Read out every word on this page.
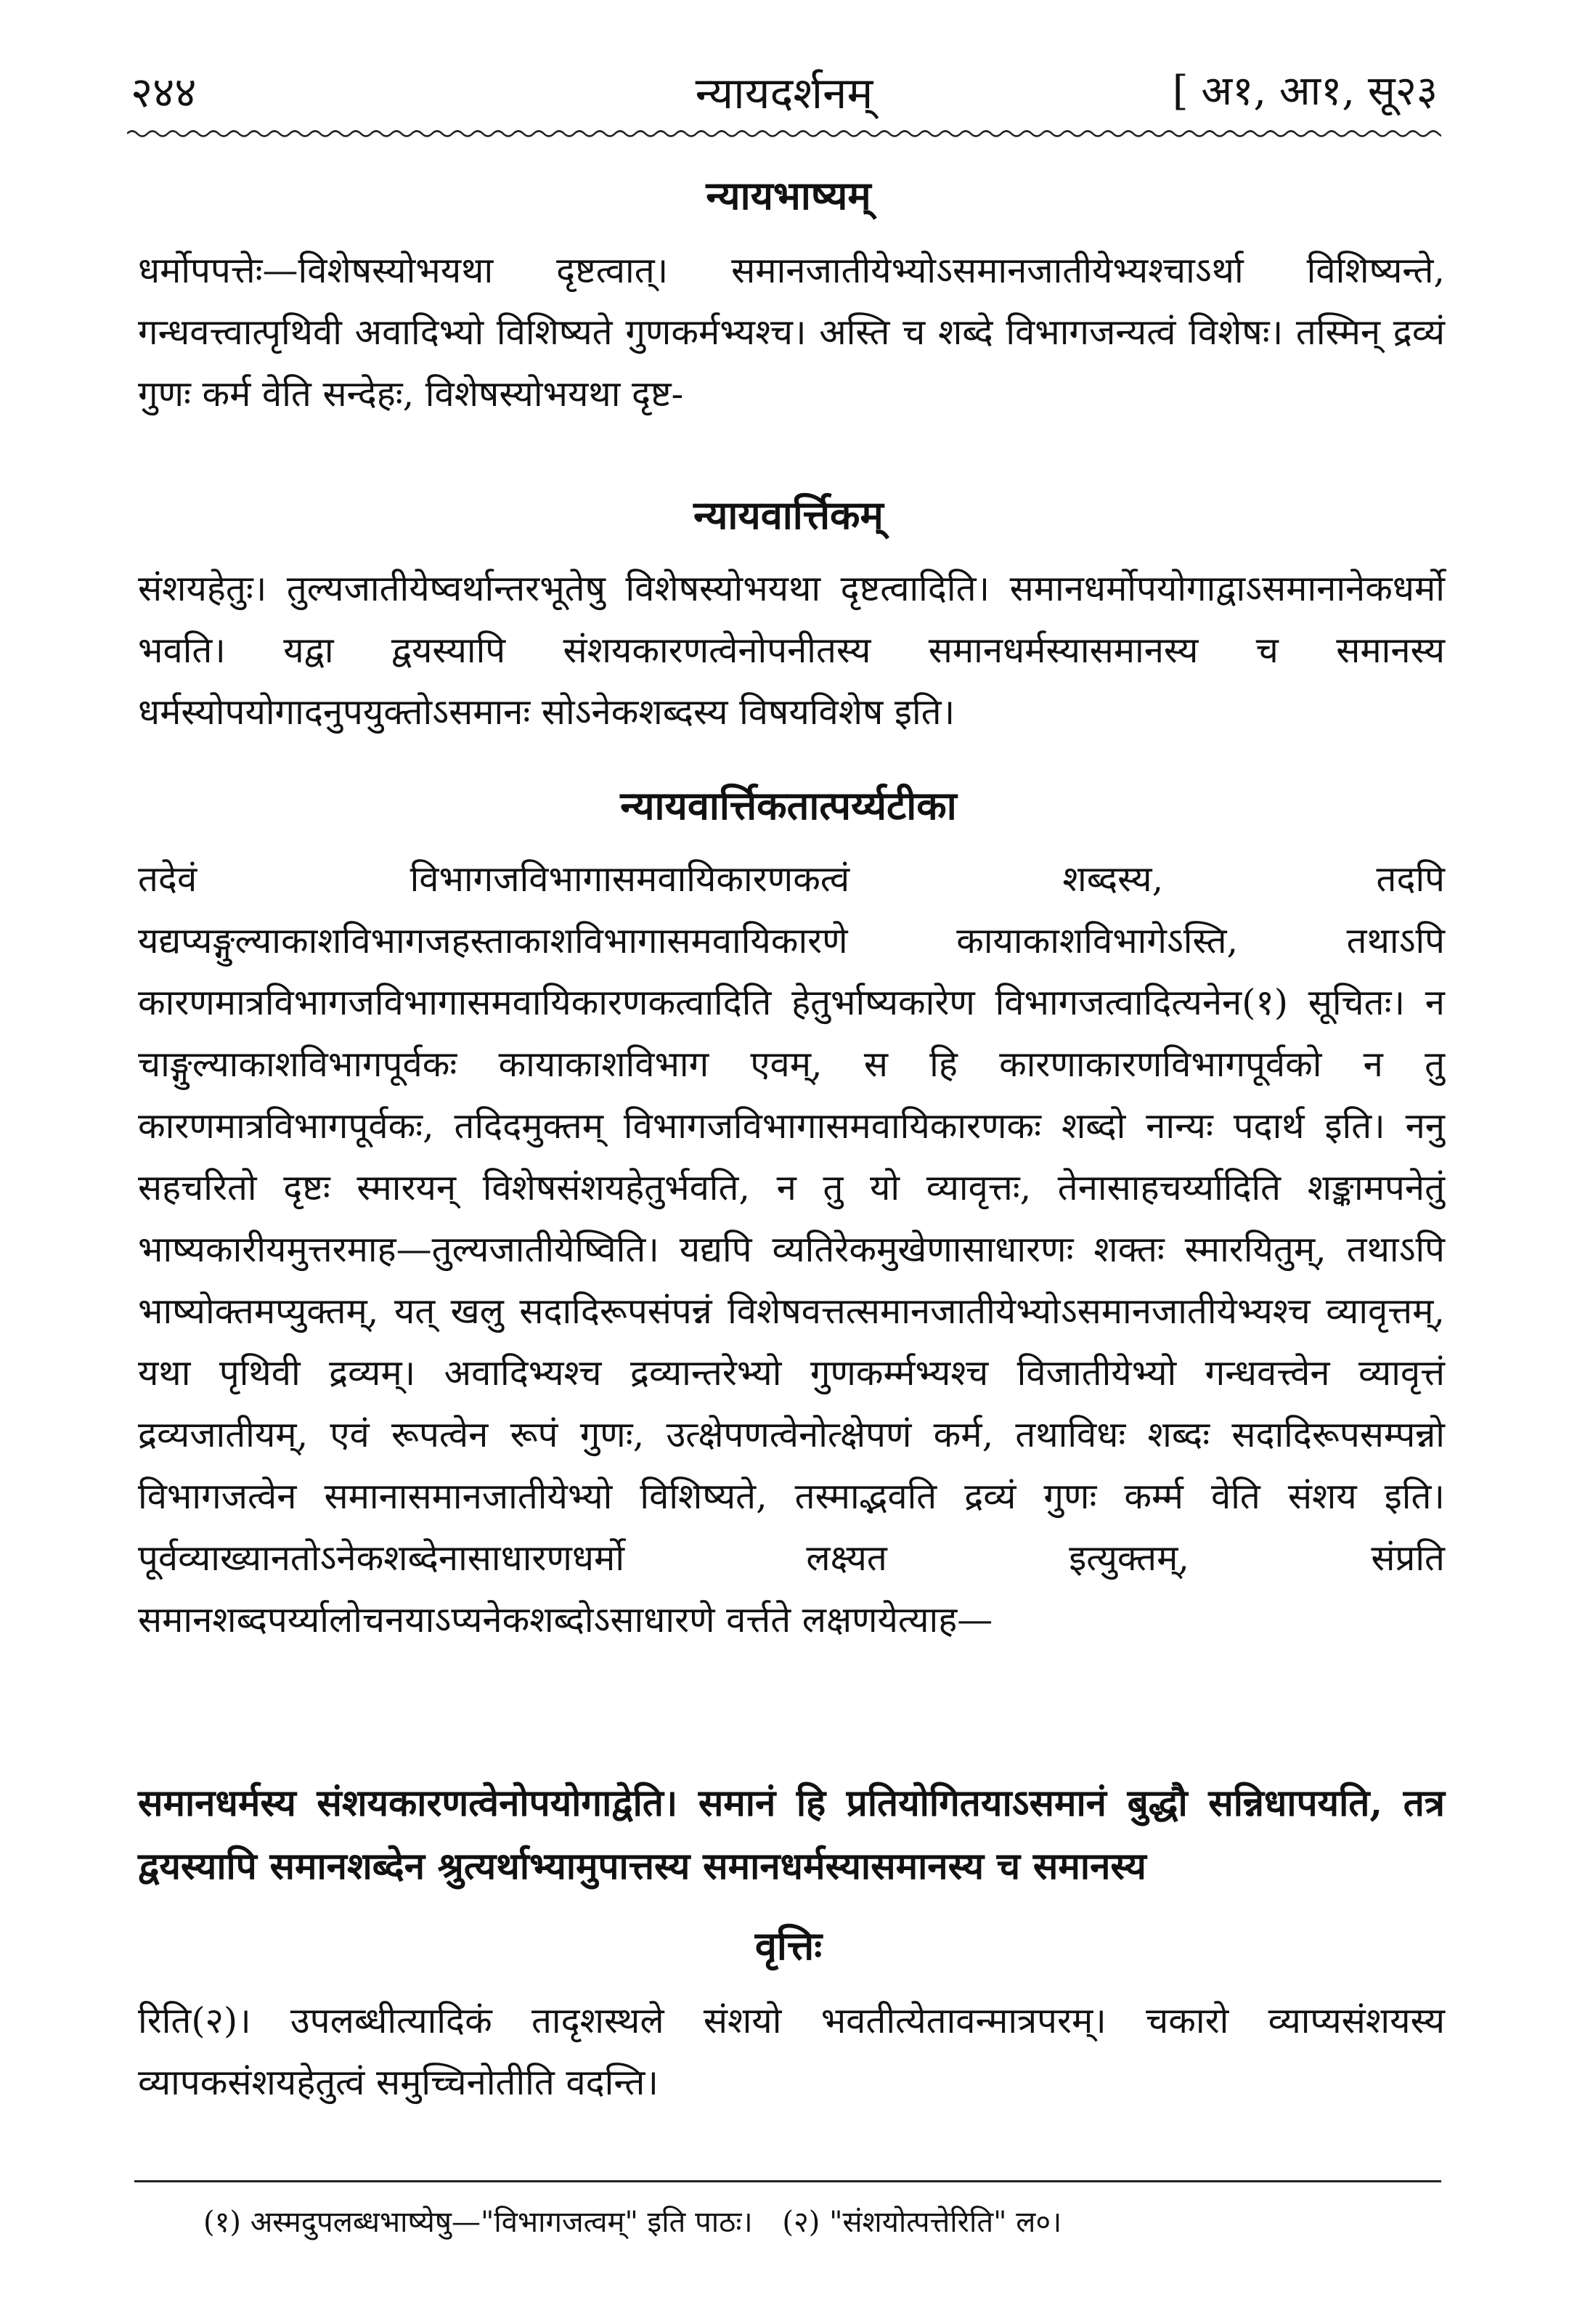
न्यायदर्शनम्
२४४	[ अ१, आ१, सू२३
न्यायभाष्यम्
धर्मोपपत्तेः—विशेषस्योभयथा दृष्टत्वात्। समानजातीयेभ्योऽसमानजातीयेभ्यश्चाऽर्था विशिष्यन्ते, गन्धवत्त्वात्पृथिवी अवादिभ्यो विशिष्यते गुणकर्मभ्यश्च। अस्ति च शब्दे विभागजन्यत्वं विशेषः। तस्मिन् द्रव्यं गुणः कर्म वेति सन्देहः, विशेषस्योभयथा दृष्ट-
न्यायवार्त्तिकम्
संशयहेतुः। तुल्यजातीयेष्वर्थान्तरभूतेषु विशेषस्योभयथा दृष्टत्वादिति। समानधर्मोपयोगाद्वाऽसमानानेकधर्मो भवति। यद्वा द्वयस्यापि संशयकारणत्वेनोपनीतस्य समानधर्मस्यासमानस्य च समानस्य धर्मस्योपयोगादनुपयुक्तोऽसमानः सोऽनेकशब्दस्य विषयविशेष इति।
न्यायवार्त्तिकतात्पर्य्यटीका
तदेवं विभागजविभागासमवायिकारणकत्वं शब्दस्य, तदपि यद्यप्यङ्गुल्याकाशविभागजहस्ताकाशविभागासमवायिकारणे कायाकाशविभागेऽस्ति, तथाऽपि कारणमात्रविभागजविभागासमवायिकारणकत्वादिति हेतुर्भाष्यकारेण विभागजत्वादित्यनेन(१) सूचितः। न चाङ्गुल्याकाशविभागपूर्वकः कायाकाशविभाग एवम्, स हि कारणाकारणविभागपूर्वको न तु कारणमात्रविभागपूर्वकः, तदिदमुक्तम् विभागजविभागासमवायिकारणकः शब्दो नान्यः पदार्थ इति। ननु सहचरितो दृष्टः स्मारयन् विशेषसंशयहेतुर्भवति, न तु यो व्यावृत्तः, तेनासाहचर्य्यादिति शङ्कामपनेतुं भाष्यकारीयमुत्तरमाह—तुल्यजातीयेष्विति। यद्यपि व्यतिरेकमुखेणासाधारणः शक्तः स्मारयितुम्, तथाऽपि भाष्योक्तमप्युक्तम्, यत् खलु सदादिरूपसंपन्नं विशेषवत्तत्समानजातीयेभ्योऽसमानजातीयेभ्यश्च व्यावृत्तम्, यथा पृथिवी द्रव्यम्। अवादिभ्यश्च द्रव्यान्तरेभ्यो गुणकर्म्मभ्यश्च विजातीयेभ्यो गन्धवत्त्वेन व्यावृत्तं द्रव्यजातीयम्, एवं रूपत्वेन रूपं गुणः, उत्क्षेपणत्वेनोत्क्षेपणं कर्म, तथाविधः शब्दः सदादिरूपसम्पन्नो विभागजत्वेन समानासमानजातीयेभ्यो विशिष्यते, तस्माद्भवति द्रव्यं गुणः कर्म्म वेति संशय इति। पूर्वव्याख्यानतोऽनेकशब्देनासाधारणधर्मो लक्ष्यत इत्युक्तम्, संप्रति समानशब्दपर्य्यालोचनयाऽप्यनेकशब्दोऽसाधारणे वर्त्तते लक्षणयेत्याह—
समानधर्मस्य संशयकारणत्वेनोपयोगाद्वेति। समानं हि प्रतियोगितयाऽसमानं बुद्धौ सन्निधापयति, तत्र द्वयस्यापि समानशब्देन श्रुत्यर्थाभ्यामुपात्तस्य समानधर्मस्यासमानस्य च समानस्य
वृत्तिः
रिति(२)। उपलब्धीत्यादिकं तादृशस्थले संशयो भवतीत्येतावन्मात्रपरम्। चकारो व्याप्यसंशयस्य व्यापकसंशयहेतुत्वं समुच्चिनोतीति वदन्ति।
(१) अस्मदुपलब्धभाष्येषु—"विभागजत्वम्" इति पाठः। (२) "संशयोत्पत्तेरिति" ल०।
